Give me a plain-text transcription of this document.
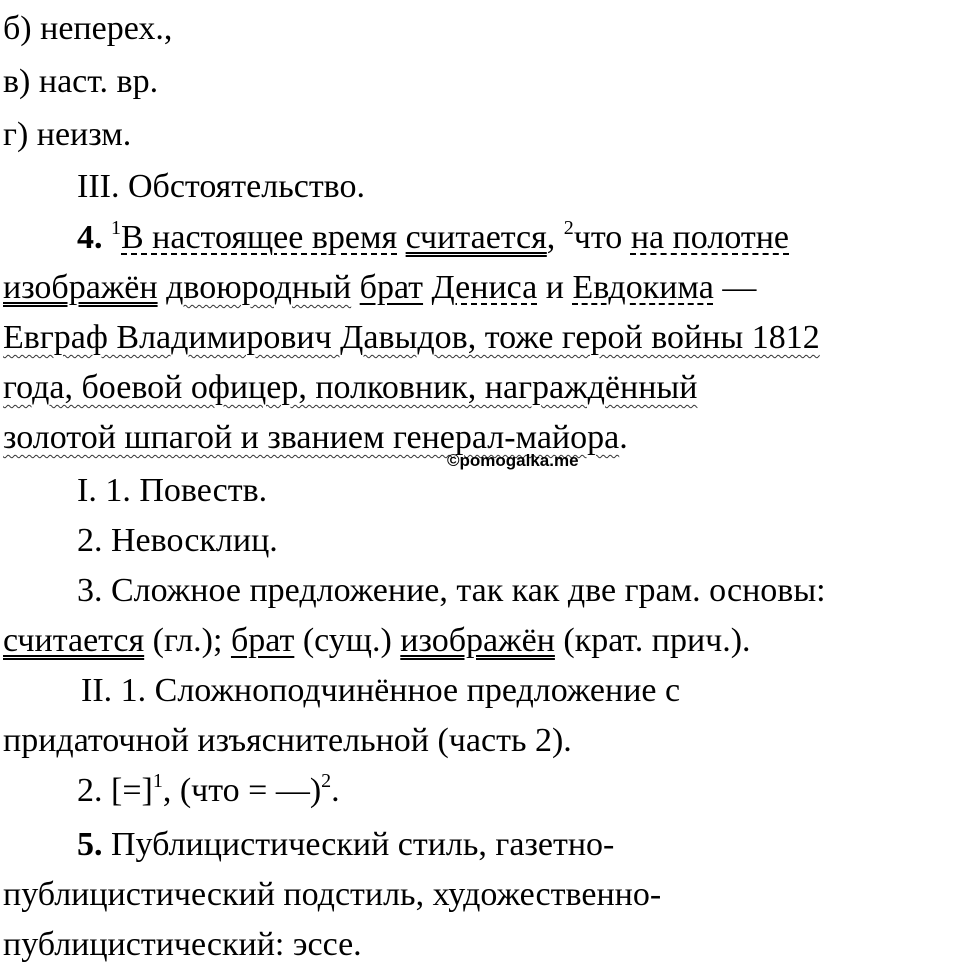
б) неперех.,
в) наст. вр.
г) неизм.
III. Обстоятельство.
4. $^1$В настоящее время считается, $^2$что на полотне
изображён двоюродный брат Дениса и Евдокима —
Евграф Владимирович Давыдов, тоже герой войны 1812
года, боевой офицер, полковник, награждённый
золотой шпагой и званием генерал-майора.
©pomogalka.me
I. 1. Повеств.
2. Невосклиц.
3. Сложное предложение, так как две грам. основы:
считается (гл.); брат (сущ.) изображён (крат. прич.).
II. 1. Сложноподчинённое предложение с
придаточной изъяснительной (часть 2).
2. [=]$^1$, (что = —)$^2$.
5. Публицистический стиль, газетно-
публицистический подстиль, художественно-
публицистический: эссе.
